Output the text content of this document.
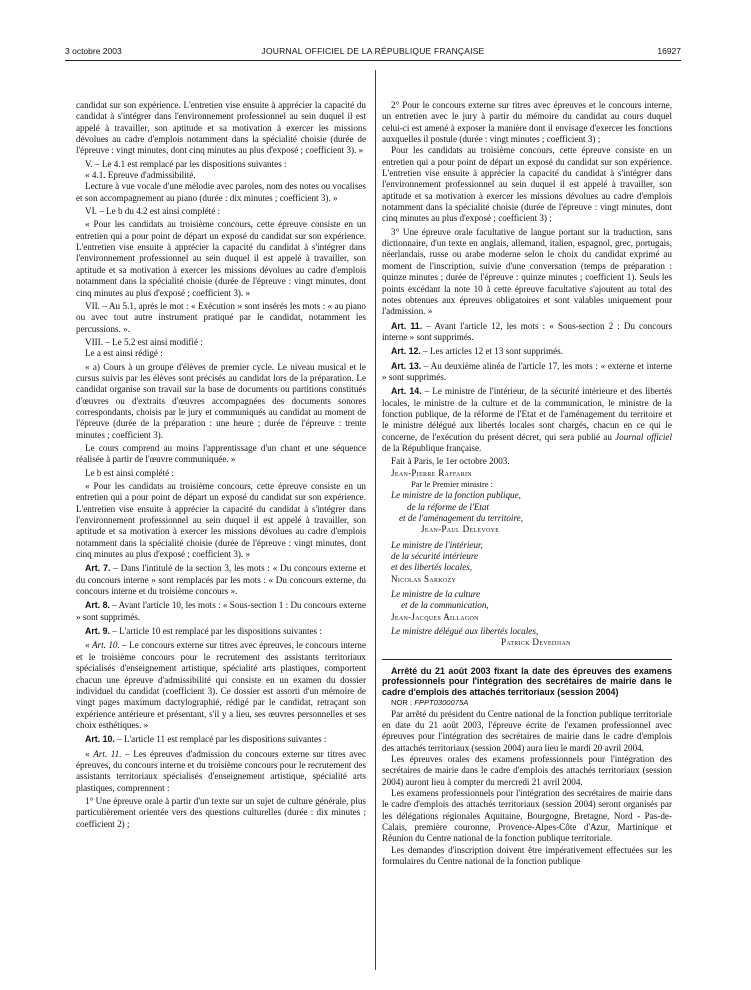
3 octobre 2003	JOURNAL OFFICIEL DE LA RÉPUBLIQUE FRANÇAISE	16927

candidat sur son expérience. L'entretien vise ensuite à apprécier la capacité du candidat à s'intégrer dans l'environnement professionnel au sein duquel il est appelé à travailler, son aptitude et sa motivation à exercer les missions dévolues au cadre d'emplois notamment dans la spécialité choisie (durée de l'épreuve : vingt minutes, dont cinq minutes au plus d'exposé ; coefficient 3). »

V. – Le 4.1 est remplacé par les dispositions suivantes :

« 4.1. Epreuve d'admissibilité.

Lecture à vue vocale d'une mélodie avec paroles, nom des notes ou vocalises et son accompagnement au piano (durée : dix minutes ; coefficient 3). »

VI. – Le b du 4.2 est ainsi complété :

« Pour les candidats au troisième concours, cette épreuve consiste en un entretien qui a pour point de départ un exposé du candidat sur son expérience. L'entretien vise ensuite à apprécier la capacité du candidat à s'intégrer dans l'environnement professionnel au sein duquel il est appelé à travailler, son aptitude et sa motivation à exercer les missions dévolues au cadre d'emplois notamment dans la spécialité choisie (durée de l'épreuve : vingt minutes, dont cinq minutes au plus d'exposé ; coefficient 3). »

VII. – Au 5.1, après le mot : « Exécution » sont insérés les mots : « au piano ou avec tout autre instrument pratiqué par le candidat, notamment les percussions. ».

VIII. – Le 5.2 est ainsi modifié :

Le a est ainsi rédigé :

« a) Cours à un groupe d'élèves de premier cycle. Le niveau musical et le cursus suivis par les élèves sont précisés au candidat lors de la préparation. Le candidat organise son travail sur la base de documents ou partitions constitués d'œuvres ou d'extraits d'œuvres accompagnées des documents sonores correspondants, choisis par le jury et communiqués au candidat au moment de l'épreuve (durée de la préparation : une heure ; durée de l'épreuve : trente minutes ; coefficient 3).

Le cours comprend au moins l'apprentissage d'un chant et une séquence réalisée à partir de l'œuvre communiquée. »

Le b est ainsi complété :

« Pour les candidats au troisième concours, cette épreuve consiste en un entretien qui a pour point de départ un exposé du candidat sur son expérience. L'entretien vise ensuite à apprécier la capacité du candidat à s'intégrer dans l'environnement professionnel au sein duquel il est appelé à travailler, son aptitude et sa motivation à exercer les missions dévolues au cadre d'emplois notamment dans la spécialité choisie (durée de l'épreuve : vingt minutes, dont cinq minutes au plus d'exposé ; coefficient 3). »

Art. 7. – Dans l'intitulé de la section 3, les mots : « Du concours externe et du concours interne » sont remplacés par les mots : « Du concours externe, du concours interne et du troisième concours ».

Art. 8. – Avant l'article 10, les mots : « Sous-section 1 : Du concours externe » sont supprimés.

Art. 9. – L'article 10 est remplacé par les dispositions suivantes :

« Art. 10. – Le concours externe sur titres avec épreuves, le concours interne et le troisième concours pour le recrutement des assistants territoriaux spécialisés d'enseignement artistique, spécialité arts plastiques, comportent chacun une épreuve d'admissibilité qui consiste en un examen du dossier individuel du candidat (coefficient 3). Ce dossier est assorti d'un mémoire de vingt pages maximum dactylographié, rédigé par le candidat, retraçant son expérience antérieure et présentant, s'il y a lieu, ses œuvres personnelles et ses choix esthétiques. »

Art. 10. – L'article 11 est remplacé par les dispositions suivantes :

« Art. 11. – Les épreuves d'admission du concours externe sur titres avec épreuves, du concours interne et du troisième concours pour le recrutement des assistants territoriaux spécialisés d'enseignement artistique, spécialité arts plastiques, comprennent :

1° Une épreuve orale à partir d'un texte sur un sujet de culture générale, plus particulièrement orientée vers des questions culturelles (durée : dix minutes ; coefficient 2) ;

2° Pour le concours externe sur titres avec épreuves et le concours interne, un entretien avec le jury à partir du mémoire du candidat au cours duquel celui-ci est amené à exposer la manière dont il envisage d'exercer les fonctions auxquelles il postule (durée : vingt minutes ; coefficient 3) ;

Pour les candidats au troisième concours, cette épreuve consiste en un entretien qui a pour point de départ un exposé du candidat sur son expérience. L'entretien vise ensuite à apprécier la capacité du candidat à s'intégrer dans l'environnement professionnel au sein duquel il est appelé à travailler, son aptitude et sa motivation à exercer les missions dévolues au cadre d'emplois notamment dans la spécialité choisie (durée de l'épreuve : vingt minutes, dont cinq minutes au plus d'exposé ; coefficient 3) ;

3° Une épreuve orale facultative de langue portant sur la traduction, sans dictionnaire, d'un texte en anglais, allemand, italien, espagnol, grec, portugais, néerlandais, russe ou arabe moderne selon le choix du candidat exprimé au moment de l'inscription, suivie d'une conversation (temps de préparation : quinze minutes ; durée de l'épreuve : quinze minutes ; coefficient 1). Seuls les points excédant la note 10 à cette épreuve facultative s'ajoutent au total des notes obtenues aux épreuves obligatoires et sont valables uniquement pour l'admission. »

Art. 11. – Avant l'article 12, les mots : « Sous-section 2 : Du concours interne » sont supprimés.

Art. 12. – Les articles 12 et 13 sont supprimés.

Art. 13. – Au deuxième alinéa de l'article 17, les mots : « externe et interne » sont supprimés.

Art. 14. – Le ministre de l'intérieur, de la sécurité intérieure et des libertés locales, le ministre de la culture et de la communication, le ministre de la fonction publique, de la réforme de l'Etat et de l'aménagement du territoire et le ministre délégué aux libertés locales sont chargés, chacun en ce qui le concerne, de l'exécution du présent décret, qui sera publié au Journal officiel de la République française.

Fait à Paris, le 1er octobre 2003.

Jean-Pierre Raffarin

Par le Premier ministre :

Le ministre de la fonction publique,

de la réforme de l'Etat

et de l'aménagement du territoire,

Jean-Paul Delevoye

Le ministre de l'intérieur,

de la sécurité intérieure

et des libertés locales,

Nicolas Sarkozy

Le ministre de la culture

et de la communication,

Jean-Jacques Aillagon

Le ministre délégué aux libertés locales,

Patrick Devedjian

Arrêté du 21 août 2003 fixant la date des épreuves des examens professionnels pour l'intégration des secrétaires de mairie dans le cadre d'emplois des attachés territoriaux (session 2004)

NOR : FPPT0300075A

Par arrêté du président du Centre national de la fonction publique territoriale en date du 21 août 2003, l'épreuve écrite de l'examen professionnel avec épreuves pour l'intégration des secrétaires de mairie dans le cadre d'emplois des attachés territoriaux (session 2004) aura lieu le mardi 20 avril 2004.

Les épreuves orales des examens professionnels pour l'intégration des secrétaires de mairie dans le cadre d'emplois des attachés territoriaux (session 2004) auront lieu à compter du mercredi 21 avril 2004.

Les examens professionnels pour l'intégration des secrétaires de mairie dans le cadre d'emplois des attachés territoriaux (session 2004) seront organisés par les délégations régionales Aquitaine, Bourgogne, Bretagne, Nord - Pas-de-Calais, première couronne, Provence-Alpes-Côte d'Azur, Martinique et Réunion du Centre national de la fonction publique territoriale.

Les demandes d'inscription doivent être impérativement effectuées sur les formulaires du Centre national de la fonction publique
